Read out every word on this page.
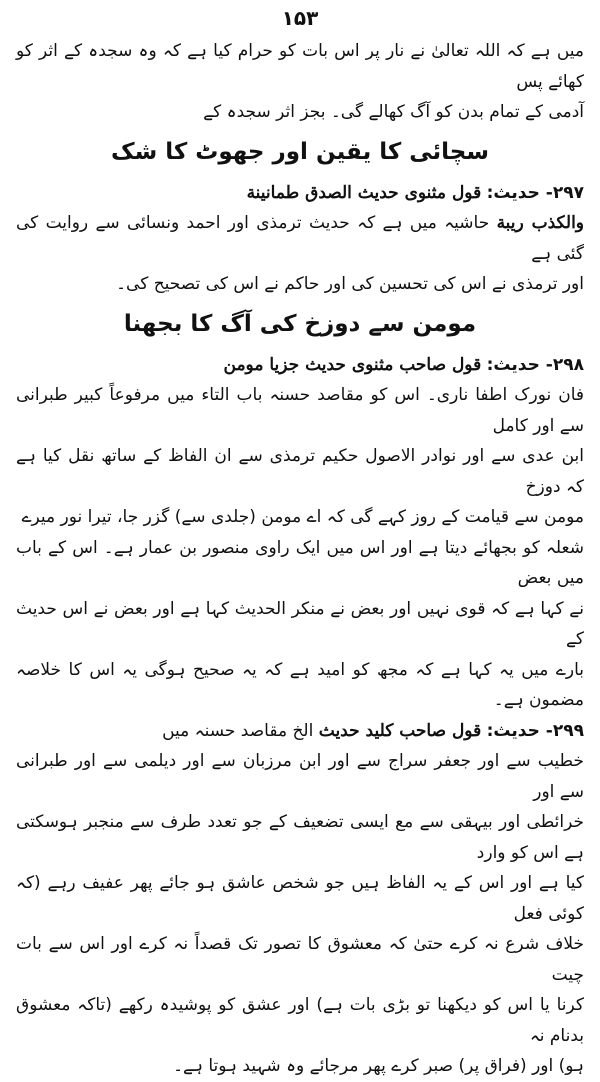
۱۵۳

میں ہے کہ اللہ تعالیٰ نے نار پر اس بات کو حرام کیا ہے کہ وہ سجدہ کے اثر کو کھائے پس
آدمی کے تمام بدن کو آگ کھالے گی۔ بجز اثر سجدہ کے

سچائی کا یقین اور جھوٹ کا شک

۲۹۷- حدیث: قول مثنوی حدیث الصدق طمانینة
والکذب ریبة حاشیہ میں ہے کہ حدیث ترمذی اور احمد ونسائی سے روایت کی گئی ہے
اور ترمذی نے اس کی تحسین کی اور حاکم نے اس کی تصحیح کی۔

مومن سے دوزخ کی آگ کا بجھنا

۲۹۸- حدیث: قول صاحب مثنوی حدیث جزیا مومن
فان نورک اطفا ناری۔ اس کو مقاصد حسنہ باب التاء میں مرفوعاً کبیر طبرانی سے اور کامل
ابن عدی سے اور نوادر الاصول حکیم ترمذی سے ان الفاظ کے ساتھ نقل کیا ہے کہ دوزخ
مومن سے قیامت کے روز کہے گی کہ اے مومن (جلدی سے) گزر جا، تیرا نور میرے
شعلہ کو بجھائے دیتا ہے اور اس میں ایک راوی منصور بن عمار ہے۔ اس کے باب میں بعض
نے کہا ہے کہ قوی نہیں اور بعض نے منکر الحدیث کہا ہے اور بعض نے اس حدیث کے
بارے میں یہ کہا ہے کہ مجھ کو امید ہے کہ یہ صحیح ہوگی یہ اس کا خلاصہ مضمون ہے۔

۲۹۹- حدیث: قول صاحب کلید حدیث الخ مقاصد حسنہ میں
خطیب سے اور جعفر سراج سے اور ابن مرزبان سے اور دیلمی سے اور طبرانی سے اور
خرائطی اور بیہقی سے مع ایسی تضعیف کے جو تعدد طرف سے منجبر ہوسکتی ہے اس کو وارد
کیا ہے اور اس کے یہ الفاظ ہیں جو شخص عاشق ہو جائے پھر عفیف رہے (کہ کوئی فعل
خلاف شرع نہ کرے حتیٰ کہ معشوق کا تصور تک قصداً نہ کرے اور اس سے بات چیت
کرنا یا اس کو دیکھنا تو بڑی بات ہے) اور عشق کو پوشیدہ رکھے (تاکہ معشوق بدنام نہ
ہو) اور (فراق پر) صبر کرے پھر مرجائے وہ شہید ہوتا ہے۔
